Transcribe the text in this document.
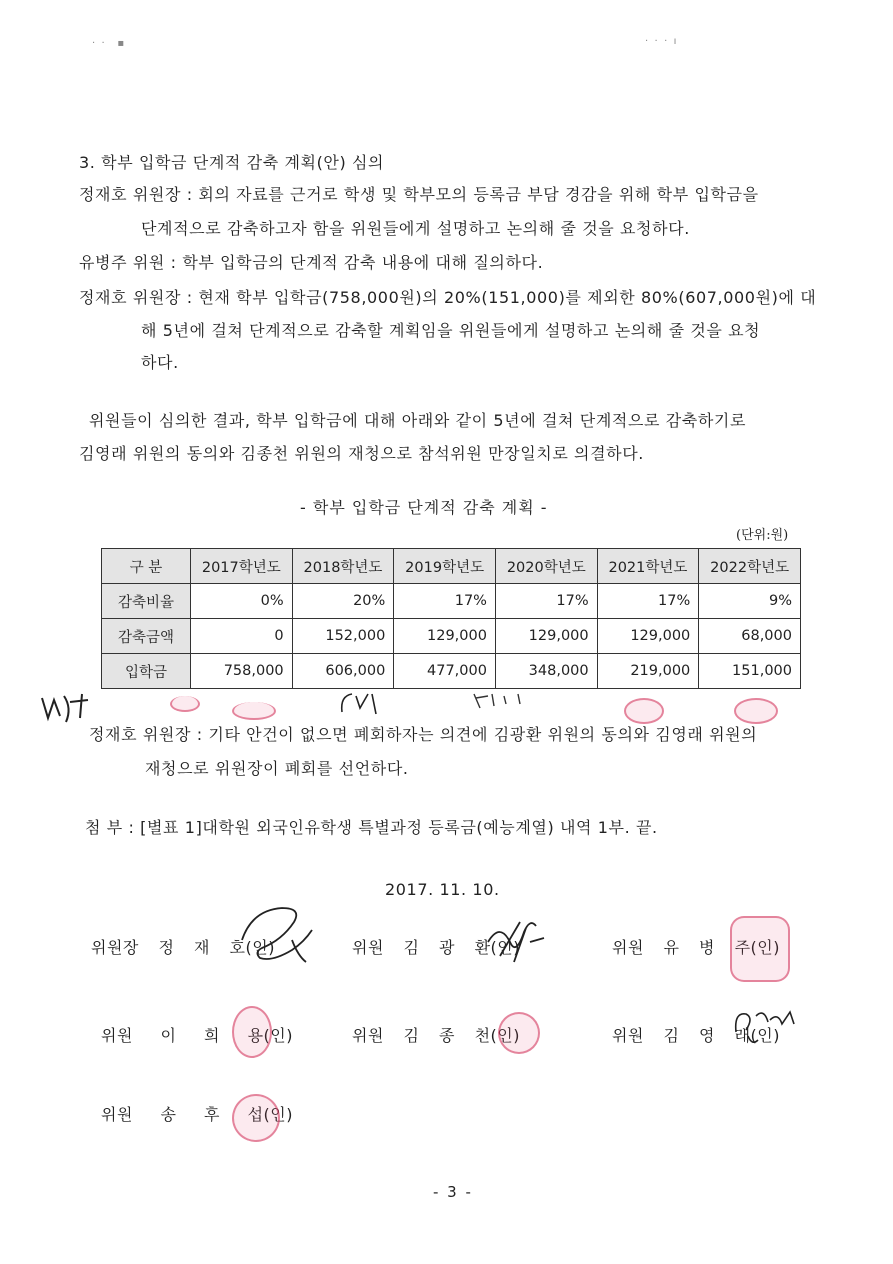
·  ·    ▪	·  ·  ·  ı
3. 학부 입학금 단계적 감축 계획(안) 심의
정재호 위원장 : 회의 자료를 근거로 학생 및 학부모의 등록금 부담 경감을 위해 학부 입학금을
단계적으로 감축하고자 함을 위원들에게 설명하고 논의해 줄 것을 요청하다.
유병주 위원 : 학부 입학금의 단계적 감축 내용에 대해 질의하다.
정재호 위원장 : 현재 학부 입학금(758,000원)의 20%(151,000)를 제외한 80%(607,000원)에 대
해 5년에 걸쳐 단계적으로 감축할 계획임을 위원들에게 설명하고 논의해 줄 것을 요청
하다.
위원들이 심의한 결과, 학부 입학금에 대해 아래와 같이 5년에 걸쳐 단계적으로 감축하기로
김영래 위원의 동의와 김종천 위원의 재청으로 참석위원 만장일치로 의결하다.
- 학부 입학금 단계적 감축 계획 -
(단위:원)
구 분	2017학년도	2018학년도	2019학년도	2020학년도	2021학년도	2022학년도
감축비율	0%	20%	17%	17%	17%	9%
감축금액	0	152,000	129,000	129,000	129,000	68,000
입학금	758,000	606,000	477,000	348,000	219,000	151,000
정재호 위원장 : 기타 안건이 없으면 폐회하자는 의견에 김광환 위원의 동의와 김영래 위원의
재청으로 위원장이 폐회를 선언하다.
첨 부 : [별표 1]대학원 외국인유학생 특별과정 등록금(예능계열) 내역 1부. 끝.
2017. 11. 10.
위원장 정 재 호(인)	위원 김 광 환(인)	위원 유 병 주(인)
위원 이 희 용(인)	위원 김 종 천(인)	위원 김 영 래(인)
위원 송 후 섭(인)
- 3 -
